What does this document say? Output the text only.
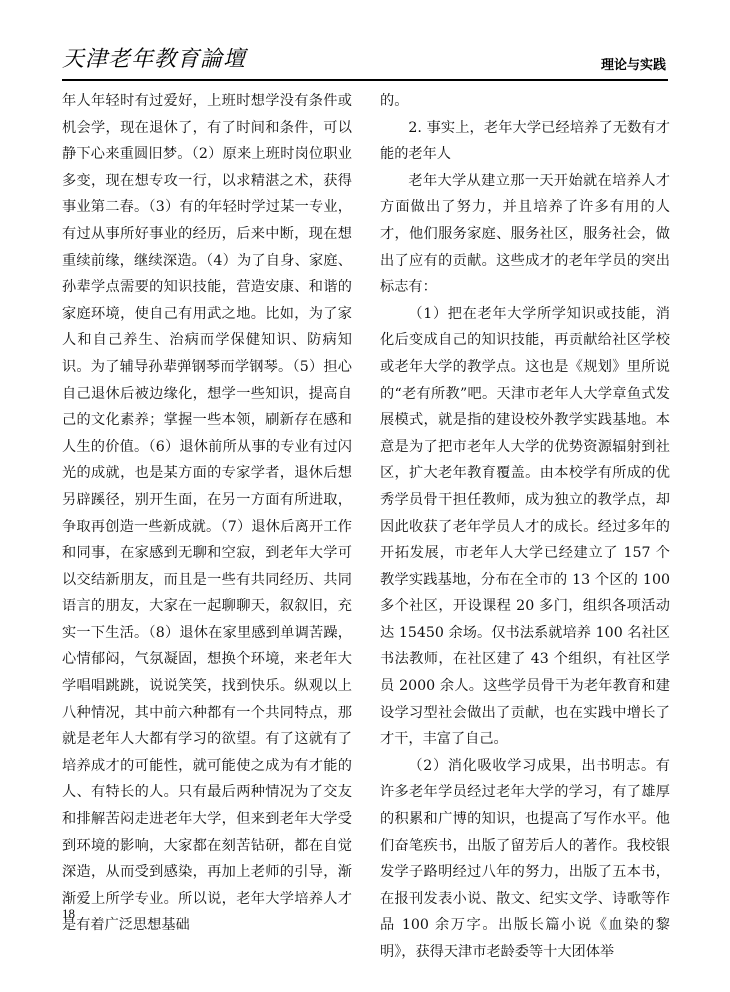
天津老年教育論壇	理论与实践

年人年轻时有过爱好，上班时想学没有条件或机会学，现在退休了，有了时间和条件，可以静下心来重圆旧梦。（2）原来上班时岗位职业多变，现在想专攻一行，以求精湛之术，获得事业第二春。（3）有的年轻时学过某一专业，有过从事所好事业的经历，后来中断，现在想重续前缘，继续深造。（4）为了自身、家庭、孙辈学点需要的知识技能，营造安康、和谐的家庭环境，使自己有用武之地。比如，为了家人和自己养生、治病而学保健知识、防病知识。为了辅导孙辈弹钢琴而学钢琴。（5）担心自己退休后被边缘化，想学一些知识，提高自己的文化素养；掌握一些本领，刷新存在感和人生的价值。（6）退休前所从事的专业有过闪光的成就，也是某方面的专家学者，退休后想另辟蹊径，别开生面，在另一方面有所进取，争取再创造一些新成就。（7）退休后离开工作和同事，在家感到无聊和空寂，到老年大学可以交结新朋友，而且是一些有共同经历、共同语言的朋友，大家在一起聊聊天，叙叙旧，充实一下生活。（8）退休在家里感到单调苦躁，心情郁闷，气氛凝固，想换个环境，来老年大学唱唱跳跳，说说笑笑，找到快乐。纵观以上八种情况，其中前六种都有一个共同特点，那就是老年人大都有学习的欲望。有了这就有了培养成才的可能性，就可能使之成为有才能的人、有特长的人。只有最后两种情况为了交友和排解苦闷走进老年大学，但来到老年大学受到环境的影响，大家都在刻苦钻研，都在自觉深造，从而受到感染，再加上老师的引导，渐渐爱上所学专业。所以说，老年大学培养人才是有着广泛思想基础

的。

2. 事实上，老年大学已经培养了无数有才能的老年人

老年大学从建立那一天开始就在培养人才方面做出了努力，并且培养了许多有用的人才，他们服务家庭、服务社区，服务社会，做出了应有的贡献。这些成才的老年学员的突出标志有：

（1）把在老年大学所学知识或技能，消化后变成自己的知识技能，再贡献给社区学校或老年大学的教学点。这也是《规划》里所说的“老有所教”吧。天津市老年人大学章鱼式发展模式，就是指的建设校外教学实践基地。本意是为了把市老年人大学的优势资源辐射到社区，扩大老年教育覆盖。由本校学有所成的优秀学员骨干担任教师，成为独立的教学点，却因此收获了老年学员人才的成长。经过多年的开拓发展，市老年人大学已经建立了 157 个教学实践基地，分布在全市的 13 个区的 100 多个社区，开设课程 20 多门，组织各项活动达 15450 余场。仅书法系就培养 100 名社区书法教师，在社区建了 43 个组织，有社区学员 2000 余人。这些学员骨干为老年教育和建设学习型社会做出了贡献，也在实践中增长了才干，丰富了自己。

（2）消化吸收学习成果，出书明志。有许多老年学员经过老年大学的学习，有了雄厚的积累和广博的知识，也提高了写作水平。他们奋笔疾书，出版了留芳后人的著作。我校银发学子路明经过八年的努力，出版了五本书，在报刊发表小说、散文、纪实文学、诗歌等作品 100 余万字。出版长篇小说《血染的黎明》，获得天津市老龄委等十大团体举

18
